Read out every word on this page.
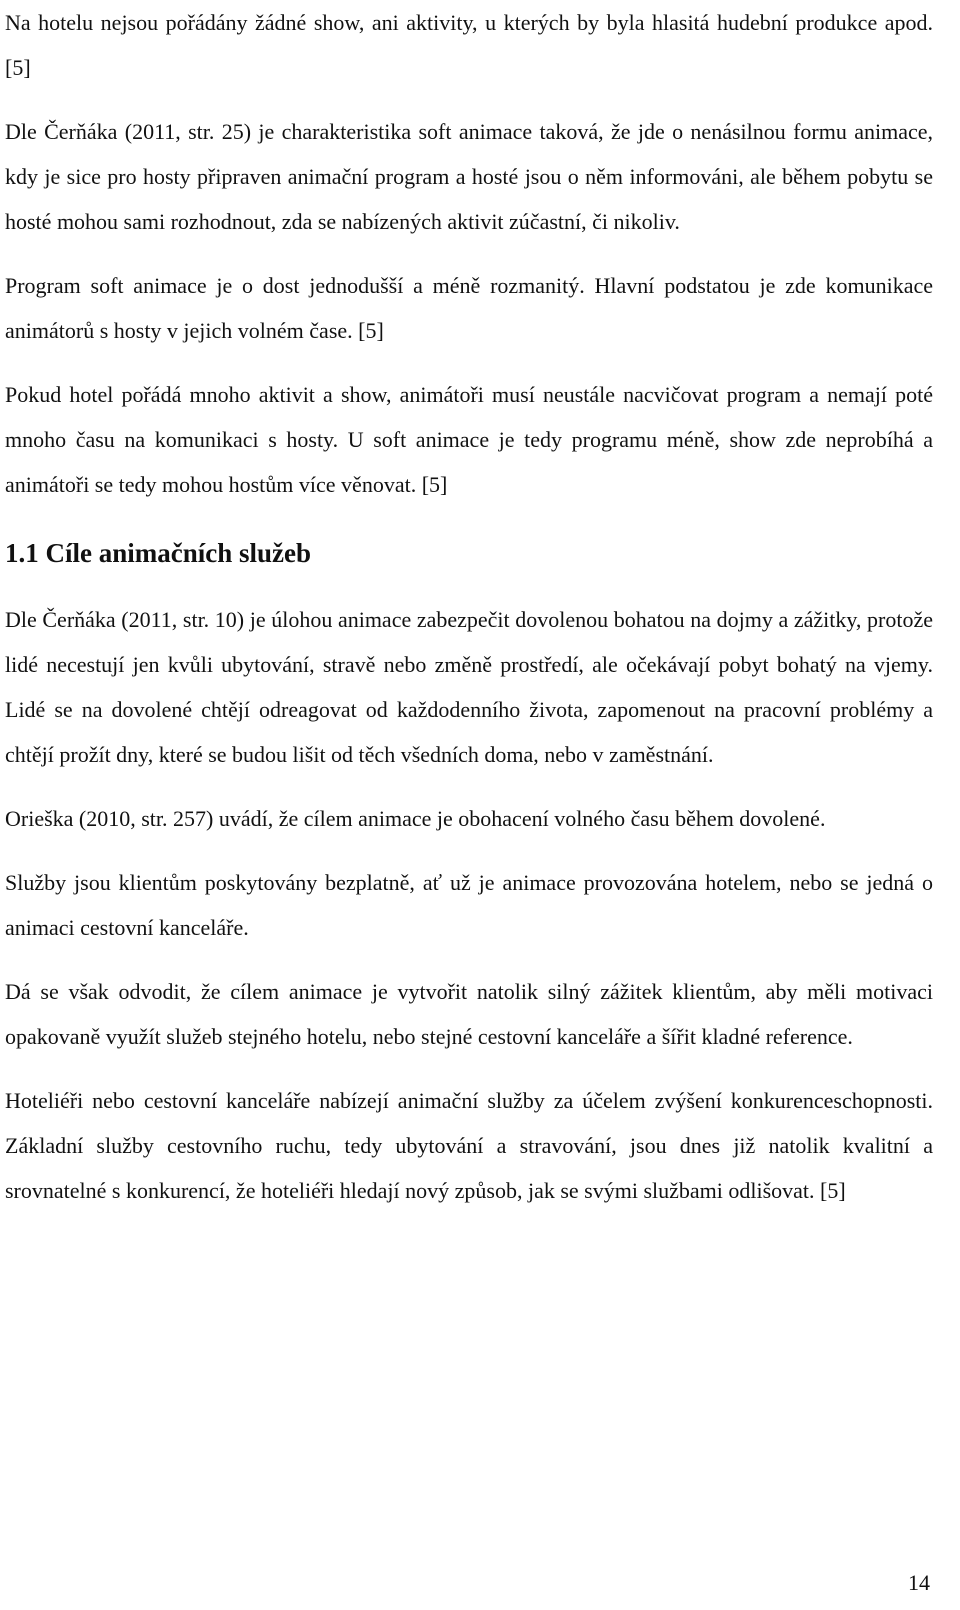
Na hotelu nejsou pořádány žádné show, ani aktivity, u kterých by byla hlasitá hudební produkce apod. [5]

Dle Čerňáka (2011, str. 25) je charakteristika soft animace taková, že jde o nenásilnou formu animace, kdy je sice pro hosty připraven animační program a hosté jsou o něm informováni, ale během pobytu se hosté mohou sami rozhodnout, zda se nabízených aktivit zúčastní, či nikoliv.

Program soft animace je o dost jednodušší a méně rozmanitý. Hlavní podstatou je zde komunikace animátorů s hosty v jejich volném čase. [5]

Pokud hotel pořádá mnoho aktivit a show, animátoři musí neustále nacvičovat program a nemají poté mnoho času na komunikaci s hosty. U soft animace je tedy programu méně, show zde neprobíhá a animátoři se tedy mohou hostům více věnovat. [5]

1.1 Cíle animačních služeb

Dle Čerňáka (2011, str. 10) je úlohou animace zabezpečit dovolenou bohatou na dojmy a zážitky, protože lidé necestují jen kvůli ubytování, stravě nebo změně prostředí, ale očekávají pobyt bohatý na vjemy. Lidé se na dovolené chtějí odreagovat od každodenního života, zapomenout na pracovní problémy a chtějí prožít dny, které se budou lišit od těch všedních doma, nebo v zaměstnání.

Orieška (2010, str. 257) uvádí, že cílem animace je obohacení volného času během dovolené.

Služby jsou klientům poskytovány bezplatně, ať už je animace provozována hotelem, nebo se jedná o animaci cestovní kanceláře.

Dá se však odvodit, že cílem animace je vytvořit natolik silný zážitek klientům, aby měli motivaci opakovaně využít služeb stejného hotelu, nebo stejné cestovní kanceláře a šířit kladné reference.

Hoteliéři nebo cestovní kanceláře nabízejí animační služby za účelem zvýšení konkurenceschopnosti. Základní služby cestovního ruchu, tedy ubytování a stravování, jsou dnes již natolik kvalitní a srovnatelné s konkurencí, že hoteliéři hledají nový způsob, jak se svými službami odlišovat. [5]

14
